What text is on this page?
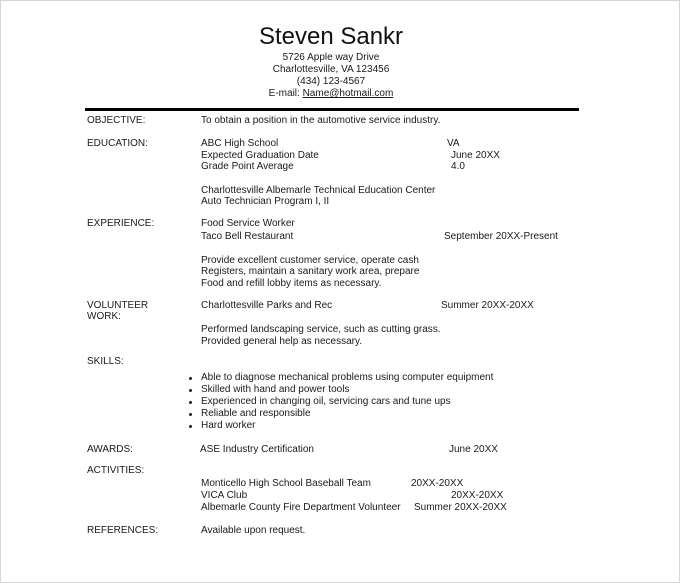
Steven Sankr
5726 Apple way Drive
Charlottesville, VA 123456
(434) 123-4567
E-mail: Name@hotmail.com
OBJECTIVE:	To obtain a position in the automotive service industry.
EDUCATION:	ABC High School	VA
Expected Graduation Date	June 20XX
Grade Point Average	4.0
Charlottesville Albemarle Technical Education Center
Auto Technician Program I, II
EXPERIENCE:	Food Service Worker
Taco Bell Restaurant	September 20XX-Present
Provide excellent customer service, operate cash
Registers, maintain a sanitary work area, prepare
Food and refill lobby items as necessary.
VOLUNTEER
WORK:
Charlottesville Parks and Rec	Summer 20XX-20XX
Performed landscaping service, such as cutting grass.
Provided general help as necessary.
SKILLS:
Able to diagnose mechanical problems using computer equipment
Skilled with hand and power tools
Experienced in changing oil, servicing cars and tune ups
Reliable and responsible
Hard worker
AWARDS:	ASE Industry Certification	June 20XX
ACTIVITIES:
Monticello High School Baseball Team	20XX-20XX
VICA Club	20XX-20XX
Albemarle County Fire Department Volunteer Summer 20XX-20XX
REFERENCES:	Available upon request.
